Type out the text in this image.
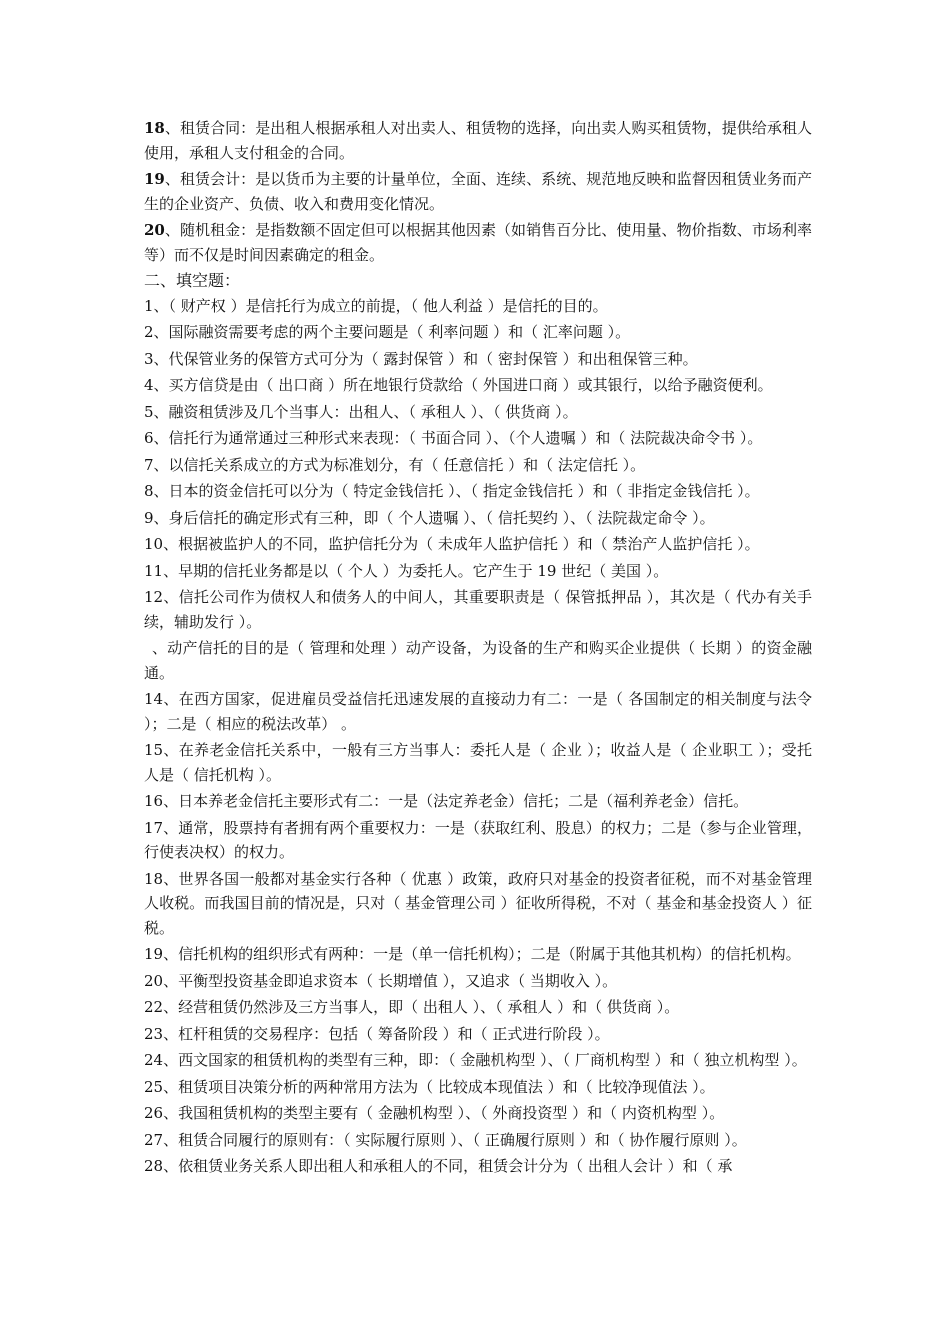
18、租赁合同：是出租人根据承租人对出卖人、租赁物的选择，向出卖人购买租赁物，提供给承租人使用，承租人支付租金的合同。

19、租赁会计：是以货币为主要的计量单位，全面、连续、系统、规范地反映和监督因租赁业务而产生的企业资产、负债、收入和费用变化情况。

20、随机租金：是指数额不固定但可以根据其他因素（如销售百分比、使用量、物价指数、市场利率等）而不仅是时间因素确定的租金。

二、填空题：

1、（ 财产权 ）是信托行为成立的前提，（ 他人利益 ）是信托的目的。

2、国际融资需要考虑的两个主要问题是（ 利率问题 ）和（ 汇率问题 ）。

3、代保管业务的保管方式可分为（ 露封保管 ）和（ 密封保管 ）和出租保管三种。

4、买方信贷是由（ 出口商 ）所在地银行贷款给（ 外国进口商 ）或其银行，以给予融资便利。

5、融资租赁涉及几个当事人：出租人、（ 承租人 ）、（ 供货商 ）。

6、信托行为通常通过三种形式来表现：（ 书面合同 ）、（个人遗嘱 ）和（ 法院裁决命令书 ）。

7、以信托关系成立的方式为标准划分，有（ 任意信托 ）和（ 法定信托 ）。

8、日本的资金信托可以分为（ 特定金钱信托 ）、（ 指定金钱信托 ）和（ 非指定金钱信托 ）。

9、身后信托的确定形式有三种，即（ 个人遗嘱 ）、（ 信托契约 ）、（ 法院裁定命令 ）。

10、根据被监护人的不同，监护信托分为（ 未成年人监护信托 ）和（ 禁治产人监护信托 ）。

11、早期的信托业务都是以（ 个人 ）为委托人。它产生于 19 世纪（ 美国 ）。

12、信托公司作为债权人和债务人的中间人，其重要职责是（ 保管抵押品 ），其次是（ 代办有关手续，辅助发行 ）。

、动产信托的目的是（ 管理和处理 ）动产设备，为设备的生产和购买企业提供（ 长期 ）的资金融通。

14、在西方国家，促进雇员受益信托迅速发展的直接动力有二：一是（ 各国制定的相关制度与法令 ）；二是（ 相应的税法改革） 。

15、在养老金信托关系中，一般有三方当事人：委托人是（ 企业 ）；收益人是（ 企业职工 ）；受托人是（ 信托机构 ）。

16、日本养老金信托主要形式有二：一是（法定养老金）信托；二是（福利养老金）信托。

17、通常，股票持有者拥有两个重要权力：一是（获取红利、股息）的权力；二是（参与企业管理，行使表决权）的权力。

18、世界各国一般都对基金实行各种（ 优惠 ）政策，政府只对基金的投资者征税，而不对基金管理人收税。而我国目前的情况是，只对（ 基金管理公司 ）征收所得税，不对（ 基金和基金投资人 ）征税。

19、信托机构的组织形式有两种：一是（单一信托机构）；二是（附属于其他其机构）的信托机构。

20、平衡型投资基金即追求资本（ 长期增值 ），又追求（ 当期收入 ）。

22、经营租赁仍然涉及三方当事人，即（ 出租人 ）、（ 承租人 ）和（ 供货商 ）。

23、杠杆租赁的交易程序：包括（ 筹备阶段 ）和（ 正式进行阶段 ）。

24、西文国家的租赁机构的类型有三种，即：（ 金融机构型 ）、（ 厂商机构型 ）和（ 独立机构型 ）。

25、租赁项目决策分析的两种常用方法为（ 比较成本现值法 ）和（ 比较净现值法 ）。

26、我国租赁机构的类型主要有（ 金融机构型 ）、（ 外商投资型 ）和（ 内资机构型 ）。

27、租赁合同履行的原则有：（ 实际履行原则 ）、（ 正确履行原则 ）和（ 协作履行原则 ）。

28、依租赁业务关系人即出租人和承租人的不同，租赁会计分为（ 出租人会计 ）和（ 承
